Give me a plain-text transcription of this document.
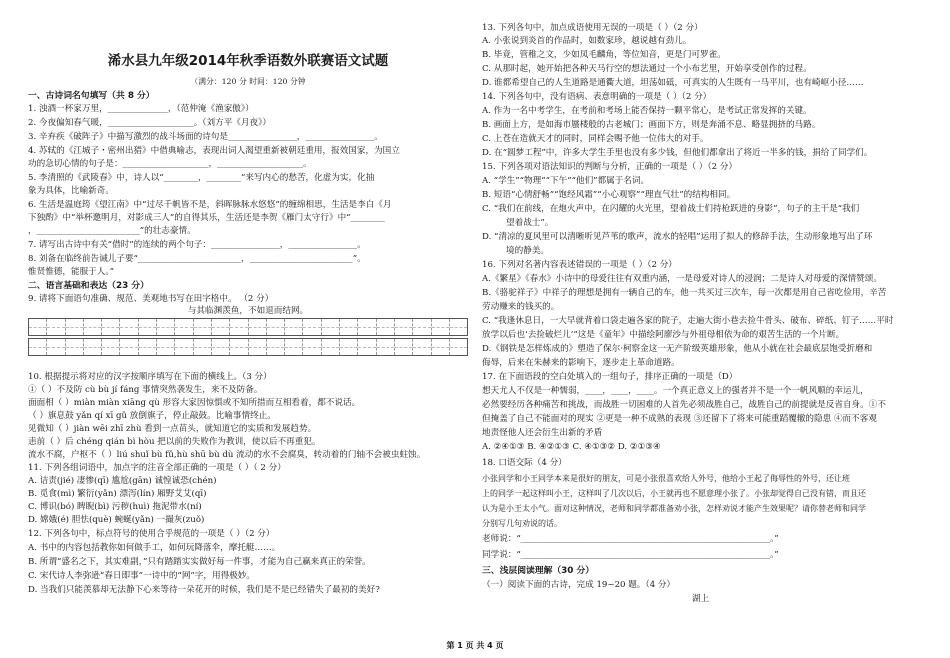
浠水县九年级2014年秋季语数外联赛语文试题
（满分：120 分 时间：120 分钟
一、古诗词名句填写（共 8 分）
1. 浊酒一杯家万里，______________，（范仲淹《渔家傲》）
2. 今夜偏知春气暖，____________________。（刘方平《月夜》）
3. 辛弃疾《破阵子》中描写激烈的战斗场面的诗句是________________，________________。
4. 苏轼的《江城子・密州出猎》中借典喻志，表现出词人渴望重新被朝廷重用，报效国家，为国立
功的急切心情的句子是：____________________，____________________。
5. 李清照的《武陵春》中，诗人以“________，________”来写内心的愁苦，化虚为实，化抽
象为具体，比喻新奇。
6. 生活是温庭筠《望江南》中“过尽千帆皆不是，斜晖脉脉水悠悠”的缠绵相思，生活是李白《月
下独酌》中“举杯邀明月，对影成三人”的自得其乐，生活还是李贺《雁门太守行》中“________
，________________________”的壮志豪情。
7. 请写出古诗中有关“借时”的连续的两个句子：________________，________________。
8. 刘备在临终前告诫儿子要“________________________，________________________”。
惟贤惟德，能服于人。”
二、语言基础和表达（23 分）
9. 请将下面语句准确、规范、美观地书写在田字格中。 （2 分）
与其临渊羡鱼，不如退而结网。
10. 根据提示将对应的汉字按顺序填写在下面的横线上。（3 分）
①（ ）不及防 cù bù jí fáng 事情突然袭发生，来不及防备。
面面相（ ）miàn miàn xiāng qù 形容大家因惊惧或不知所措而互相看着，都不说话。
（ ）旗息鼓 yǎn qí xī gǔ 放倒旗子，停止敲鼓。比喻事情终止。
见微知（ ）jiàn wēi zhī zhù 看到一点苗头，就知道它的实质和发展趋势。
恚前（ ）后 chéng qián bì hòu 把以前的失败作为教训，使以后不再重犯。
流水不腐，户枢不（ ）liú shuǐ bù fǔ,hù shū bù dù 流动的水不会腐臭，转动着的门轴不会被虫蛀蚀。
11. 下列各组词语中，加点字的注音全部正确的一项是（ ）（ 2 分）
A. 诘责(jié) 凄惨(qī) 尴尬(gān) 诚惶诚恐(chén)
B. 觅食(mì) 繁衍(yǎn) 漂泻(lín) 厢野艾艾(qī)
C. 博识(bó) 睥睨(bì) 污秽(huì) 拖泥带水(ní)
D. 嫦娥(é) 胆怯(què) 蜿蜒(yǎn) 一撮灰(zuǒ)
12. 下列各句中，标点符号的使用合乎规范的一项是（ ）（2 分）
A. 书中的内容包括教你如何做手工，如何玩降落伞，摩托艇……。
B. 所谓“盛名之下，其实难副，”只有踏踏实实做好每一件事，才能为自己赢来真正的荣誉。
C. 宋代诗人李弥逊“春日即事”一诗中的“网”字，用得极妙。
D. 当我们只能羡慕却无法静下心来等待一朵花开的时候，我们是不是已经错失了最初的美好?
13. 下列各句中，加点成语使用无误的一项是（ ）（2 分）
A. 小张说到炎首的作品时，如数家珍，越说越有劲儿。
B. 毕竟，管稚之文，少如凤毛麟角，等位知音，更是门可罗雀。
C. 从那时起，她开始把各种天马行空的想法通过一个小布艺里，开始享受创作的过程。
D. 谁都希望自己的人生道路是通衢大道，坦荡如砥，可真实的人生既有一马平川，也有崎岖小径……
14. 下列各句中，没有语病、表意明确的一项是（ ）（2 分）
A. 作为一名中考学生，在考前和考场上能否保持一颗平常心，是考试正常发挥的关键。
B. 画面上方，是如海市蜃楼般的古老城门；画面下方，则是奔涌不息、略显拥挤的马路。
C. 上苍在造就天才的同时，同样会赐予他一位伟大的对手。
D. 在“圆梦工程”中，许多大学生手里也没有多少钱，但他们都拿出了将近一半多的钱，捐给了同学们。
15. 下列各项对语法知识的判断与分析，正确的一项是（ ）（2 分）
A. “学生”“物理”“下午”“他们”都属于名词。
B. 短语“心情舒畅”“饱经风霜”“小心观察”“理直气壮”的结构相同。
C. “我们在前线，在炮火声中，在闪耀的火光里，望着战士们持枪跃进的身影”，句子的主干是“我们
望着战士”。
D. “清凉的夏风里可以清晰听见芦苇的歌声，流水的轻唱”运用了拟人的修辞手法，生动形象地写出了环
境的静美。
16. 下列对名著内容表述错误的一项是（ ）（2 分）
A.《繁星》《春水》小诗中的母爱往往有双重内涵，一是母爱对诗人的浸润；二是诗人对母爱的深情赞颂。
B.《骆驼祥子》中祥子的理想是拥有一辆自己的车，他一共买过三次车，每一次都是用自己省吃俭用，辛苦
劳动赚来的钱买的。
C. “我逢休息日，一大早就背着口袋走遍各家的院子，走遍大街小巷去捡牛骨头、破布、碎纸、钉子……平时
放学以后也‘去捡破烂儿’”这是《童年》中描绘阿廖沙与外祖母相依为命的艰苦生活的一个片断。
D.《钢铁是怎样炼成的》塑造了保尔·柯察金这一无产阶级英雄形象，他从小就在社会最底层饱受折磨和
侮辱，后来在朱赫来的影响下，逐步走上革命道路。
17. 在下面语段的空白处填入的一组句子，排序正确的一项是（D）
想天尤人不仅是一种懦弱，____，____，____。一个真正意义上的强者并不是一个一帆风顺的幸运儿，
必然要经历各种痛苦和挑战，而战胜一切困难的人首先必须战胜自己，战胜自己的前提就是反省自身。①不
但掩盖了自己不能面对的现实 ②更是一种不成熟的表现 ③还留下了将来可能重蹈覆辙的隐患 ④而不客观
地责怪他人还会衍生出新的矛盾
A. ②④①③ B. ④②①③ C. ④①③② D. ②①③④
18. 口语交际（4 分）
小张同学和小王同学本来是很好的朋友，可是小张很喜欢给人外号，他给小王起了侮辱性的外号，还让班
上的同学一起这样叫小王，这样叫了几次以后，小王就再也不愿意理小张了。小张却觉得自己没有错，而且还
认为是小王太小气。面对这种情况，老师和同学都准备劝小张，怎样劝说才能产生效果呢？请你替老师和同学
分别写几句劝说的话。
老师说：“__________________________________________________________。”
同学说：“__________________________________________________________。”
三、浅层阅读理解（30 分）
（一）阅读下面的古诗，完成 19~20 题。（4 分）
湖上
第 1 页 共 4 页
